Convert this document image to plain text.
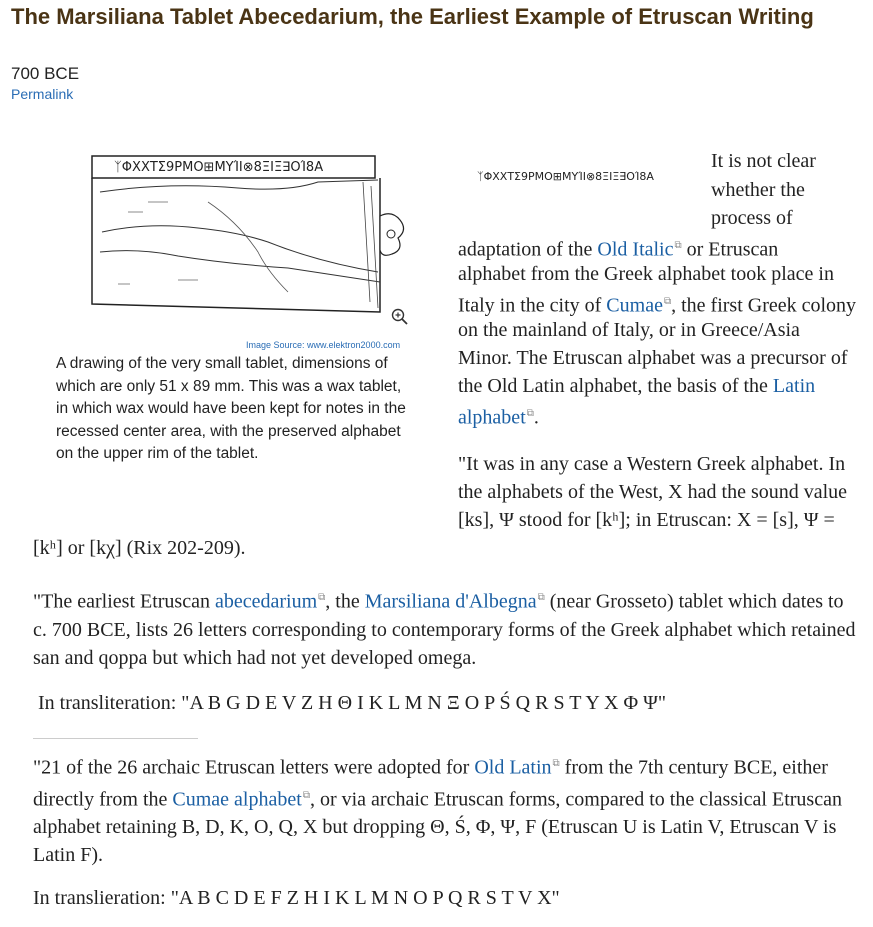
The Marsiliana Tablet Abecedarium, the Earliest Example of Etruscan Writing
700 BCE
Permalink
ᛉΦΧΧΤΣ9ΡΜΟ⊞ΜΥΊΙ⊗8ΞΙΞ∃ΟΊ8Α
Image Source: www.elektron2000.com
A drawing of the very small tablet, dimensions of which are only 51 x 89 mm. This was a wax tablet, in which wax would have been kept for notes in the recessed center area, with the preserved alphabet on the upper rim of the tablet.
ᛉΦΧΧΤΣ9ΡΜΟ⊞ΜΥΊΙ⊗8ΞΙΞ∃ΟΊ8Α
It is not clear
whether the
process of
adaptation of the Old Italic⧉ or Etruscan
alphabet from the Greek alphabet took place in
Italy in the city of Cumae⧉, the first Greek colony
on the mainland of Italy, or in Greece/Asia
Minor. The Etruscan alphabet was a precursor of
the Old Latin alphabet, the basis of the Latin
alphabet⧉.
"It was in any case a Western Greek alphabet. In
the alphabets of the West, X had the sound value
[ks], Ψ stood for [kʰ]; in Etruscan: X = [s], Ψ =
[kʰ] or [kχ] (Rix 202-209).
"The earliest Etruscan abecedarium⧉, the Marsiliana d'Albegna⧉ (near Grosseto) tablet which dates to c. 700 BCE, lists 26 letters corresponding to contemporary forms of the Greek alphabet which retained san and qoppa but which had not yet developed omega.
In transliteration: "A B G D E V Z H Θ I K L M N Ξ O P Ś Q R S T Y X Φ Ψ"
"21 of the 26 archaic Etruscan letters were adopted for Old Latin⧉ from the 7th century BCE, either directly from the Cumae alphabet⧉, or via archaic Etruscan forms, compared to the classical Etruscan alphabet retaining B, D, K, O, Q, X but dropping Θ, Ś, Φ, Ψ, F (Etruscan U is Latin V, Etruscan V is Latin F).
In translieration: "A B C D E F Z H I K L M N O P Q R S T V X"
